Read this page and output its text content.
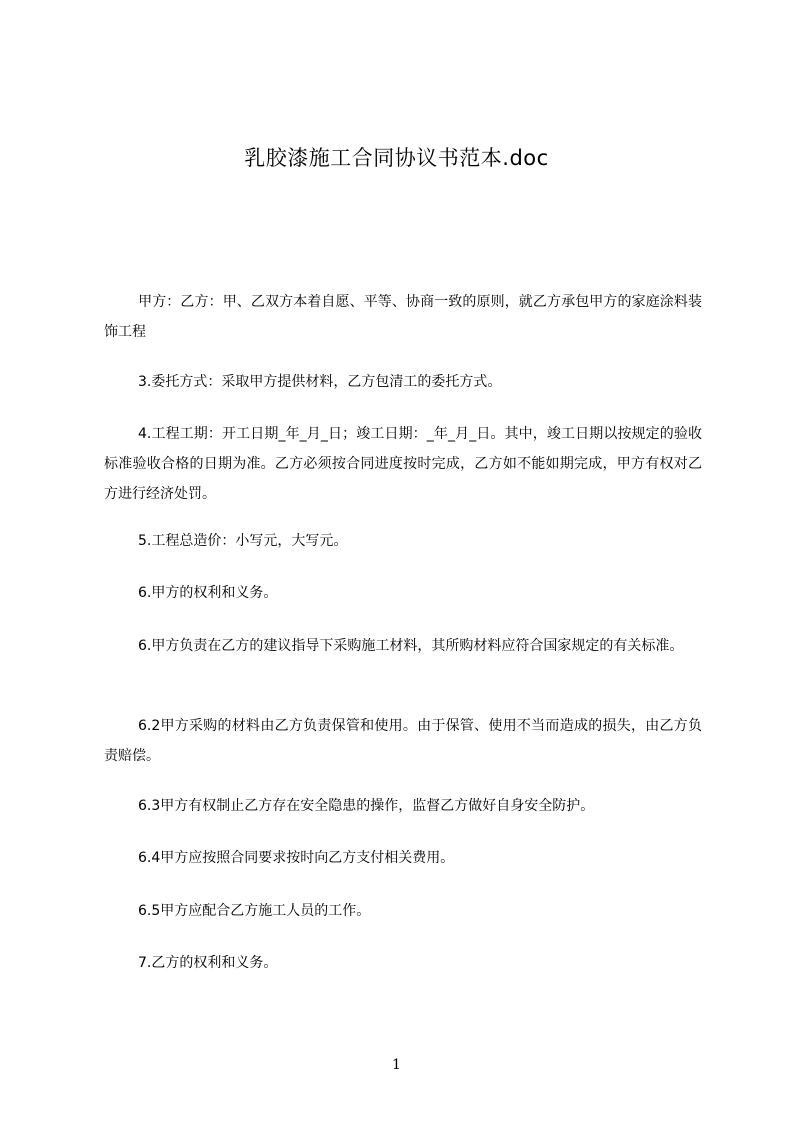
乳胶漆施工合同协议书范本.doc
甲方：乙方：甲、乙双方本着自愿、平等、协商一致的原则，就乙方承包甲方的家庭涂料装饰工程
3.委托方式：采取甲方提供材料，乙方包清工的委托方式。
4.工程工期：开工日期_年_月_日；竣工日期：_年_月_日。其中，竣工日期以按规定的验收标准验收合格的日期为准。乙方必须按合同进度按时完成，乙方如不能如期完成，甲方有权对乙方进行经济处罚。
5.工程总造价：小写元，大写元。
6.甲方的权利和义务。
6.甲方负责在乙方的建议指导下采购施工材料，其所购材料应符合国家规定的有关标准。
6.2甲方采购的材料由乙方负责保管和使用。由于保管、使用不当而造成的损失，由乙方负责赔偿。
6.3甲方有权制止乙方存在安全隐患的操作，监督乙方做好自身安全防护。
6.4甲方应按照合同要求按时向乙方支付相关费用。
6.5甲方应配合乙方施工人员的工作。
7.乙方的权利和义务。
1
